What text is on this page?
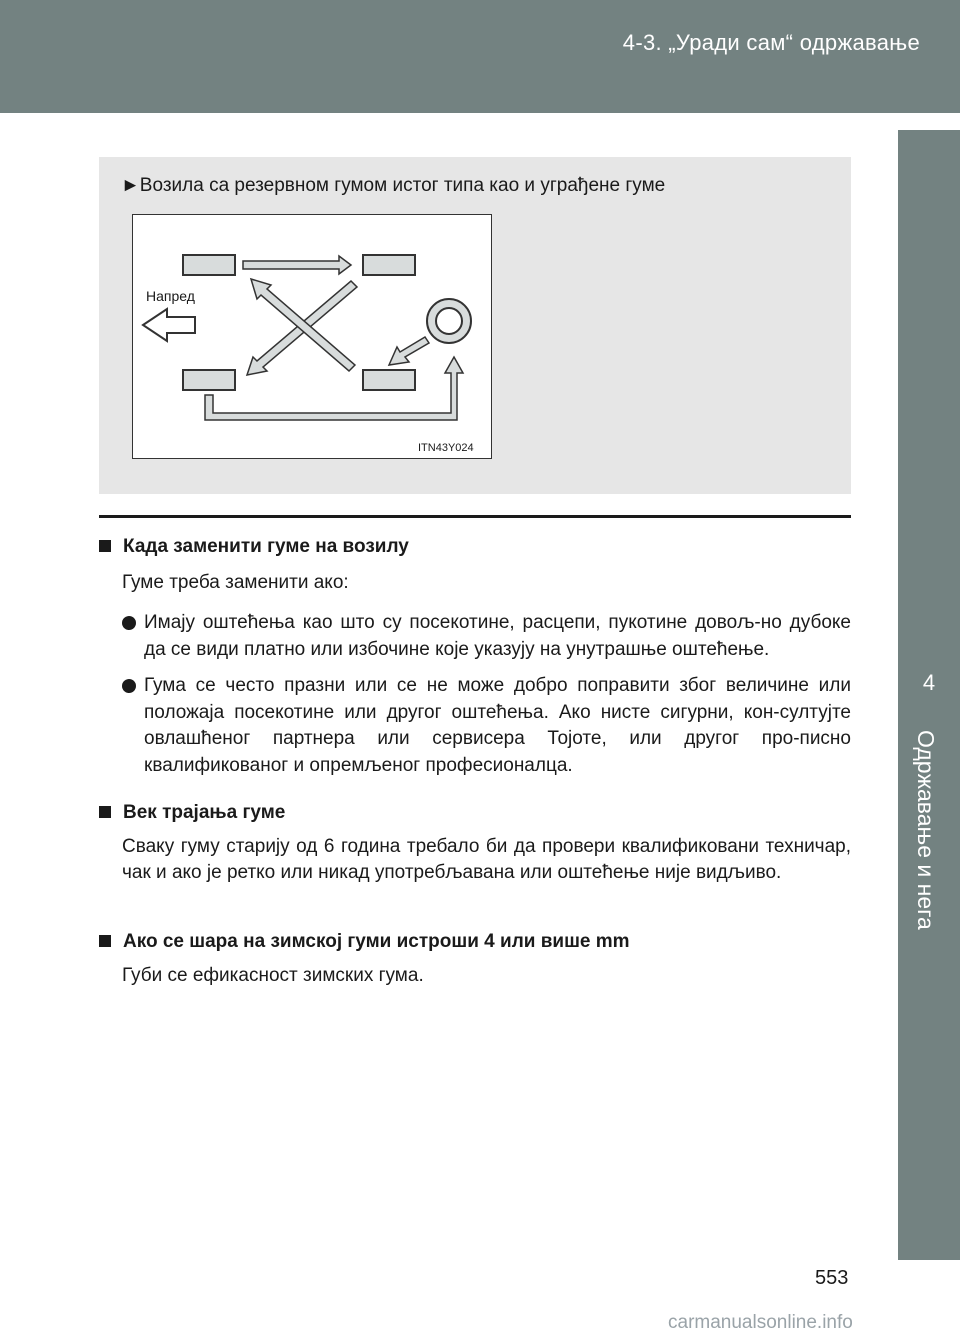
4-3. „Уради сам“ одржавање
4
Одржавање и нега
►Возила са резервном гумом истог типа као и уграђене гуме
Напред
ITN43Y024
Када заменити гуме на возилу
Гуме треба заменити ако:
Имају оштећења као што су посекотине, расцепи, пукотине довољ-но дубоке да се види платно или избочине које указују на унутрашње оштећење.
Гума се често празни или се не може добро поправити због величине или положаја посекотине или другог оштећења. Ако нисте сигурни, кон-султујте овлашћеног партнера или сервисера Тојоте, или другог про-писно квалификованог и опремљеног професионалца.
Век трајања гуме
Сваку гуму старију од 6 година требало би да провери квалификовани техничар, чак и ако је ретко или никад употребљавана или оштећење није видљиво.
Ако се шара на зимској гуми истроши 4 или више mm
Губи се ефикасност зимских гума.
553
carmanualsonline.info
